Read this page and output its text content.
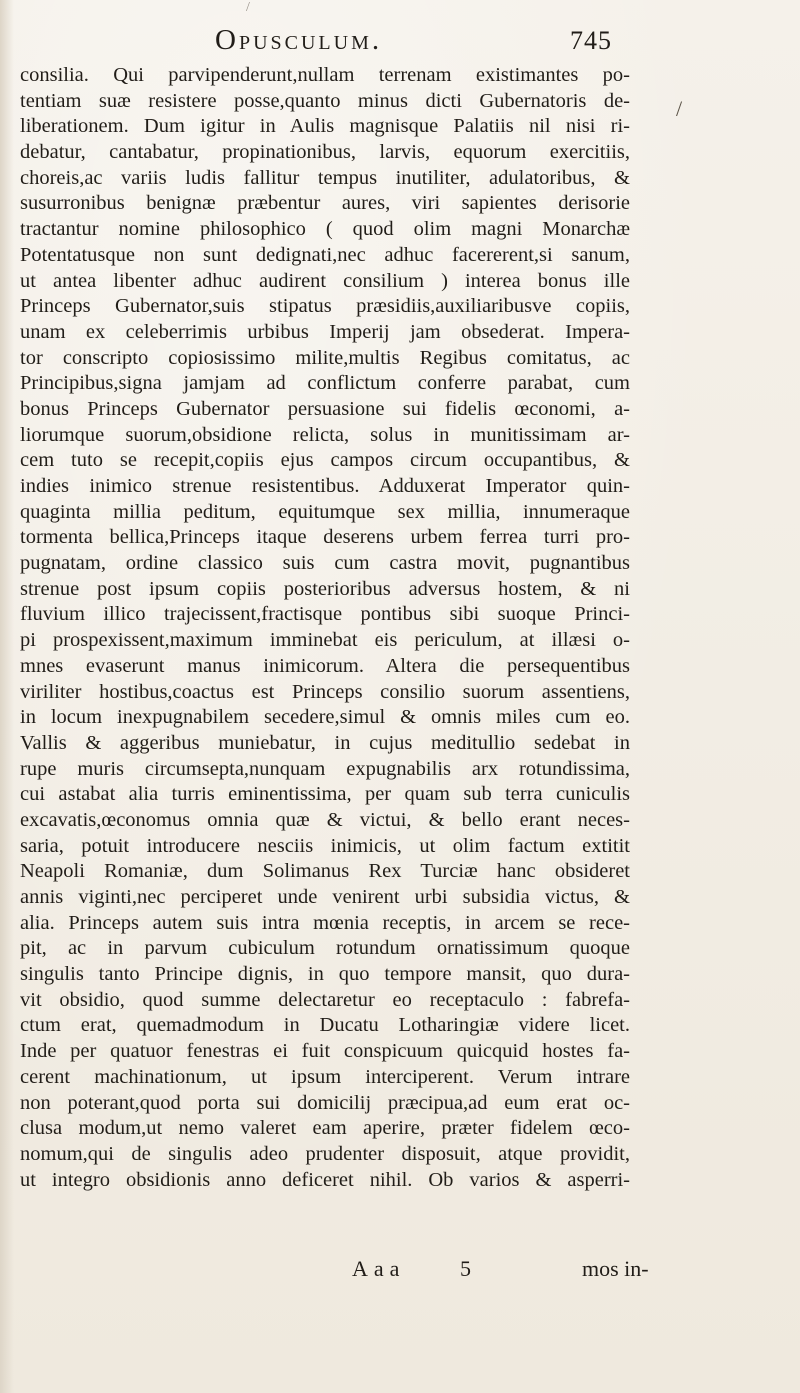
Opusculum.	745
/
/
consilia. Qui parvipenderunt,nullam terrenam existimantes po-
tentiam suæ resistere posse,quanto minus dicti Gubernatoris de-
liberationem. Dum igitur in Aulis magnisque Palatiis nil nisi ri-
debatur, cantabatur, propinationibus, larvis, equorum exercitiis,
choreis,ac variis ludis fallitur tempus inutiliter, adulatoribus, &
susurronibus benignæ præbentur aures, viri sapientes derisorie
tractantur nomine philosophico ( quod olim magni Monarchæ
Potentatusque non sunt dedignati,nec adhuc facererent,si sanum,
ut antea libenter adhuc audirent consilium ) interea bonus ille
Princeps Gubernator,suis stipatus præsidiis,auxiliaribusve copiis,
unam ex celeberrimis urbibus Imperij jam obsederat. Impera-
tor conscripto copiosissimo milite,multis Regibus comitatus, ac
Principibus,signa jamjam ad conflictum conferre parabat, cum
bonus Princeps Gubernator persuasione sui fidelis œconomi, a-
liorumque suorum,obsidione relicta, solus in munitissimam ar-
cem tuto se recepit,copiis ejus campos circum occupantibus, &
indies inimico strenue resistentibus. Adduxerat Imperator quin-
quaginta millia peditum, equitumque sex millia, innumeraque
tormenta bellica,Princeps itaque deserens urbem ferrea turri pro-
pugnatam, ordine classico suis cum castra movit, pugnantibus
strenue post ipsum copiis posterioribus adversus hostem, & ni
fluvium illico trajecissent,fractisque pontibus sibi suoque Princi-
pi prospexissent,maximum imminebat eis periculum, at illæsi o-
mnes evaserunt manus inimicorum. Altera die persequentibus
viriliter hostibus,coactus est Princeps consilio suorum assentiens,
in locum inexpugnabilem secedere,simul & omnis miles cum eo.
Vallis & aggeribus muniebatur, in cujus meditullio sedebat in
rupe muris circumsepta,nunquam expugnabilis arx rotundissima,
cui astabat alia turris eminentissima, per quam sub terra cuniculis
excavatis,œconomus omnia quæ & victui, & bello erant neces-
saria, potuit introducere nesciis inimicis, ut olim factum extitit
Neapoli Romaniæ, dum Solimanus Rex Turciæ hanc obsideret
annis viginti,nec perciperet unde venirent urbi subsidia victus, &
alia. Princeps autem suis intra mœnia receptis, in arcem se rece-
pit, ac in parvum cubiculum rotundum ornatissimum quoque
singulis tanto Principe dignis, in quo tempore mansit, quo dura-
vit obsidio, quod summe delectaretur eo receptaculo : fabrefa-
ctum erat, quemadmodum in Ducatu Lotharingiæ videre licet.
Inde per quatuor fenestras ei fuit conspicuum quicquid hostes fa-
cerent machinationum, ut ipsum interciperent. Verum intrare
non poterant,quod porta sui domicilij præcipua,ad eum erat oc-
clusa modum,ut nemo valeret eam aperire, præter fidelem œco-
nomum,qui de singulis adeo prudenter disposuit, atque providit,
ut integro obsidionis anno deficeret nihil. Ob varios & asperri-
Aaa 5	mos in-
